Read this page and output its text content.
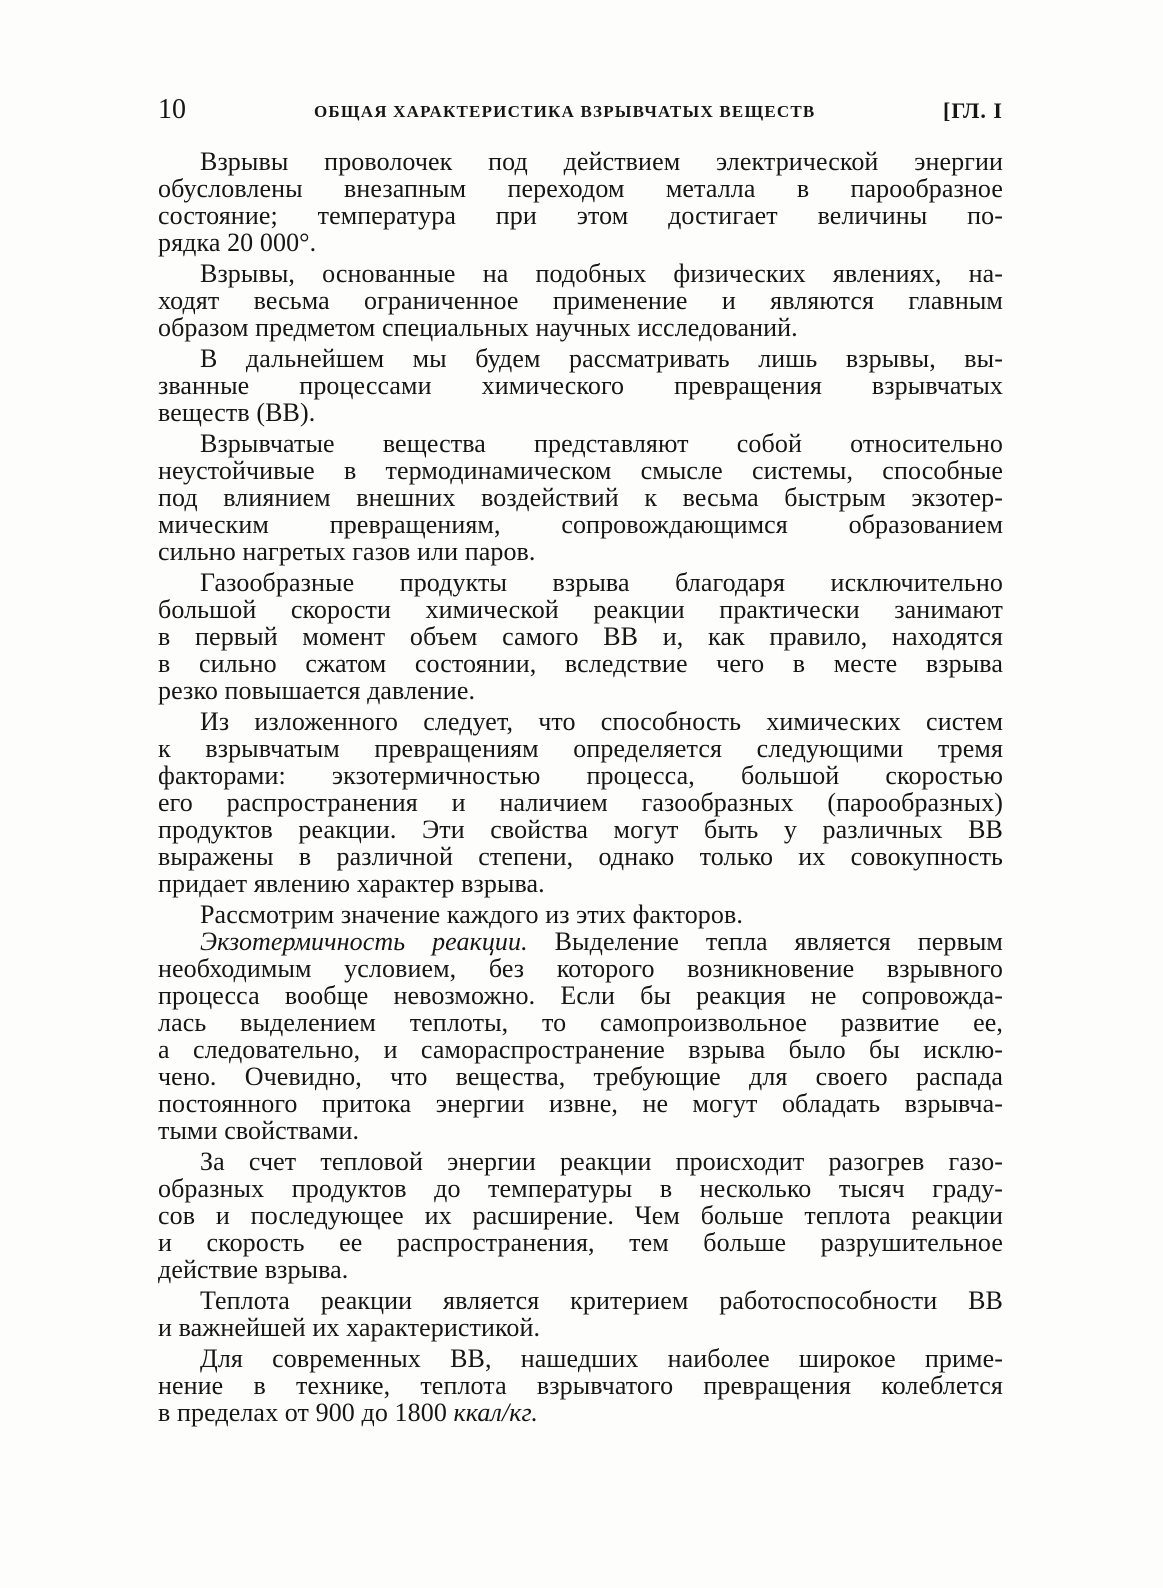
10	ОБЩАЯ ХАРАКТЕРИСТИКА ВЗРЫВЧАТЫХ ВЕЩЕСТВ	[ГЛ. I

Взрывы проволочек под действием электрической энергии
обусловлены внезапным переходом металла в парообразное
состояние; температура при этом достигает величины по-
рядка 20 000°.

Взрывы, основанные на подобных физических явлениях, на-
ходят весьма ограниченное применение и являются главным
образом предметом специальных научных исследований.

В дальнейшем мы будем рассматривать лишь взрывы, вы-
званные процессами химического превращения взрывчатых
веществ (ВВ).

Взрывчатые вещества представляют собой относительно
неустойчивые в термодинамическом смысле системы, способные
под влиянием внешних воздействий к весьма быстрым экзотер-
мическим превращениям, сопровождающимся образованием
сильно нагретых газов или паров.

Газообразные продукты взрыва благодаря исключительно
большой скорости химической реакции практически занимают
в первый момент объем самого ВВ и, как правило, находятся
в сильно сжатом состоянии, вследствие чего в месте взрыва
резко повышается давление.

Из изложенного следует, что способность химических систем
к взрывчатым превращениям определяется следующими тремя
факторами: экзотермичностью процесса, большой скоростью
его распространения и наличием газообразных (парообразных)
продуктов реакции. Эти свойства могут быть у различных ВВ
выражены в различной степени, однако только их совокупность
придает явлению характер взрыва.

Рассмотрим значение каждого из этих факторов.

Экзотермичность реакции. Выделение тепла является первым
необходимым условием, без которого возникновение взрывного
процесса вообще невозможно. Если бы реакция не сопровожда-
лась выделением теплоты, то самопроизвольное развитие ее,
а следовательно, и самораспространение взрыва было бы исклю-
чено. Очевидно, что вещества, требующие для своего распада
постоянного притока энергии извне, не могут обладать взрывча-
тыми свойствами.

За счет тепловой энергии реакции происходит разогрев газо-
образных продуктов до температуры в несколько тысяч граду-
сов и последующее их расширение. Чем больше теплота реакции
и скорость ее распространения, тем больше разрушительное
действие взрыва.

Теплота реакции является критерием работоспособности ВВ
и важнейшей их характеристикой.

Для современных ВВ, нашедших наиболее широкое приме-
нение в технике, теплота взрывчатого превращения колеблется
в пределах от 900 до 1800 ккал/кг.
